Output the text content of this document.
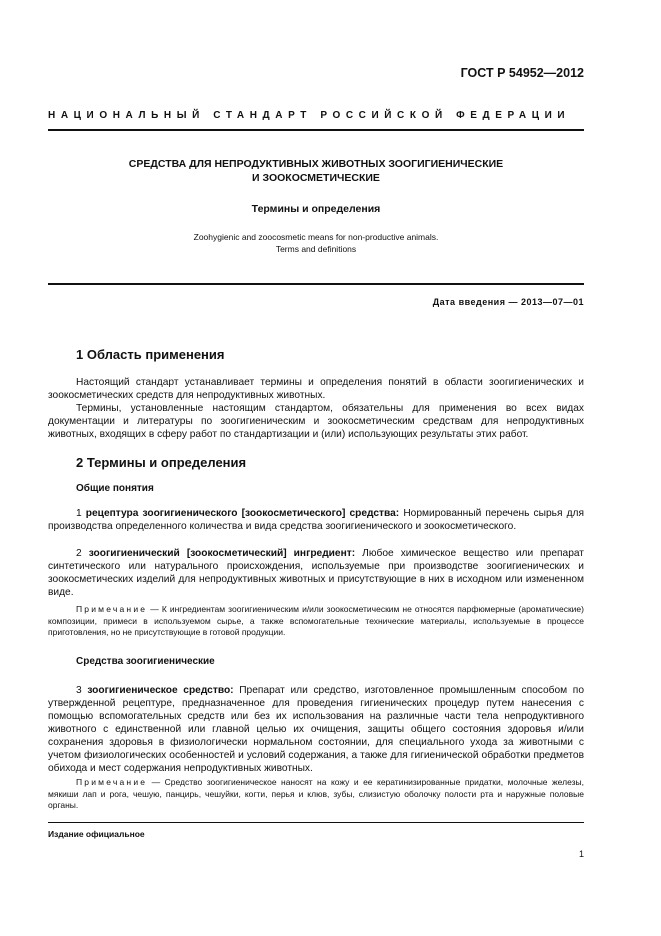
ГОСТ Р 54952—2012
НАЦИОНАЛЬНЫЙ СТАНДАРТ РОССИЙСКОЙ ФЕДЕРАЦИИ
СРЕДСТВА ДЛЯ НЕПРОДУКТИВНЫХ ЖИВОТНЫХ ЗООГИГИЕНИЧЕСКИЕ
И ЗООКОСМЕТИЧЕСКИЕ
Термины и определения
Zoohygienic and zoocosmetic means for non-productive animals.
Terms and definitions
Дата введения — 2013—07—01
1 Область применения
Настоящий стандарт устанавливает термины и определения понятий в области зоогигиенических и зоокосметических средств для непродуктивных животных.
Термины, установленные настоящим стандартом, обязательны для применения во всех видах документации и литературы по зоогигиеническим и зоокосметическим средствам для непродуктивных животных, входящих в сферу работ по стандартизации и (или) использующих результаты этих работ.
2 Термины и определения
Общие понятия
1 рецептура зоогигиенического [зоокосметического] средства: Нормированный перечень сырья для производства определенного количества и вида средства зоогигиенического и зоокосметического.
2 зоогигиенический [зоокосметический] ингредиент: Любое химическое вещество или препарат синтетического или натурального происхождения, используемые при производстве зоогигиенических и зоокосметических изделий для непродуктивных животных и присутствующие в них в исходном или измененном виде.
Примечание — К ингредиентам зоогигиеническим и/или зоокосметическим не относятся парфюмерные (ароматические) композиции, примеси в используемом сырье, а также вспомогательные технические материалы, используемые в процессе приготовления, но не присутствующие в готовой продукции.
Средства зоогигиенические
3 зоогигиеническое средство: Препарат или средство, изготовленное промышленным способом по утвержденной рецептуре, предназначенное для проведения гигиенических процедур путем нанесения с помощью вспомогательных средств или без их использования на различные части тела непродуктивного животного с единственной или главной целью их очищения, защиты общего состояния здоровья и/или сохранения здоровья в физиологически нормальном состоянии, для специального ухода за животными с учетом физиологических особенностей и условий содержания, а также для гигиенической обработки предметов обихода и мест содержания непродуктивных животных.
Примечание — Средство зоогигиеническое наносят на кожу и ее кератинизированные придатки, молочные железы, мякиши лап и рога, чешую, панцирь, чешуйки, когти, перья и клюв, зубы, слизистую оболочку полости рта и наружные половые органы.
Издание официальное
1
